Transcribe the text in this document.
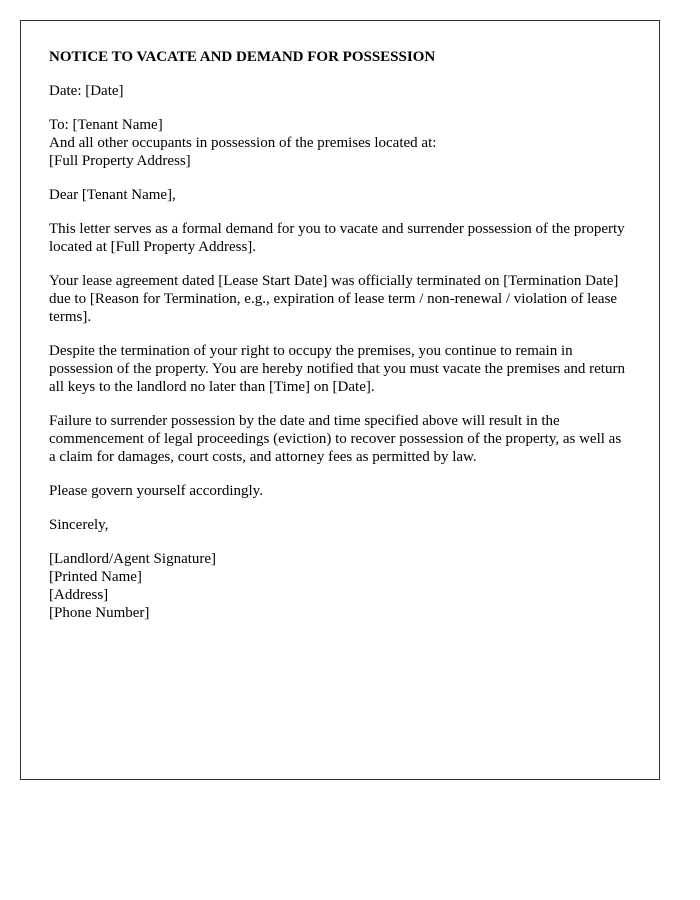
NOTICE TO VACATE AND DEMAND FOR POSSESSION
Date: [Date]
To: [Tenant Name]
And all other occupants in possession of the premises located at:
[Full Property Address]
Dear [Tenant Name],
This letter serves as a formal demand for you to vacate and surrender possession of the property located at [Full Property Address].
Your lease agreement dated [Lease Start Date] was officially terminated on [Termination Date] due to [Reason for Termination, e.g., expiration of lease term / non-renewal / violation of lease terms].
Despite the termination of your right to occupy the premises, you continue to remain in possession of the property. You are hereby notified that you must vacate the premises and return all keys to the landlord no later than [Time] on [Date].
Failure to surrender possession by the date and time specified above will result in the commencement of legal proceedings (eviction) to recover possession of the property, as well as a claim for damages, court costs, and attorney fees as permitted by law.
Please govern yourself accordingly.
Sincerely,
[Landlord/Agent Signature]
[Printed Name]
[Address]
[Phone Number]
